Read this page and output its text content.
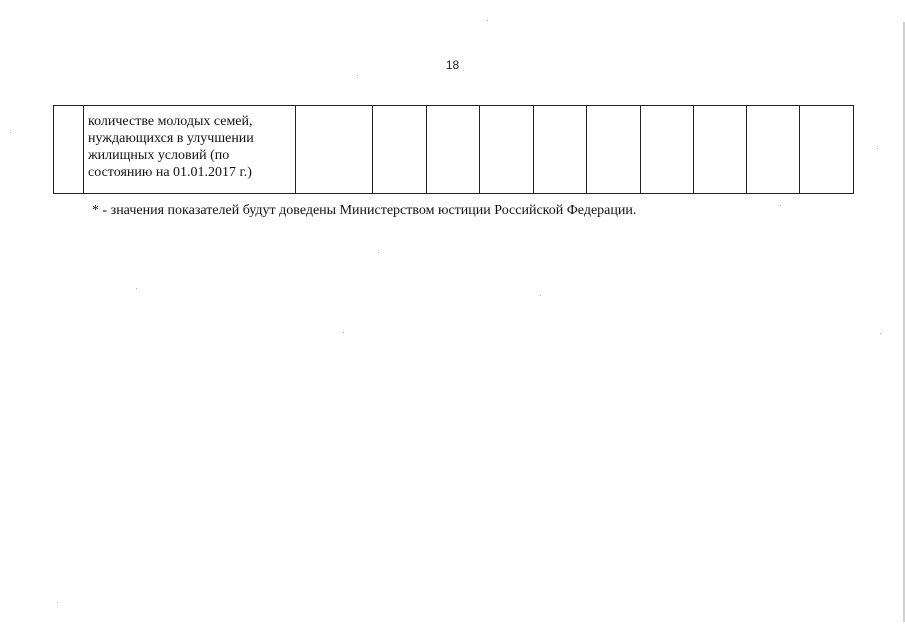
18
	количестве молодых семей,
нуждающихся в улучшении
жилищных условий (по
состоянию на 01.01.2017 г.)										
* - значения показателей будут доведены Министерством юстиции Российской Федерации.
